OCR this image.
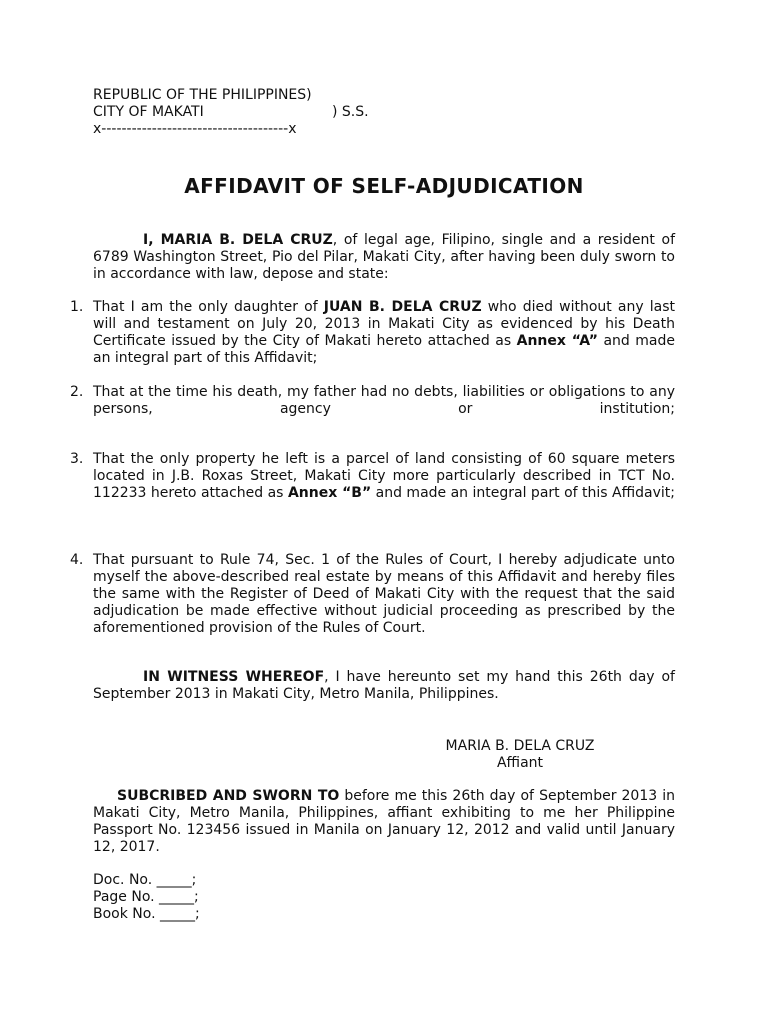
REPUBLIC OF THE PHILIPPINES)
CITY OF MAKATI	) S.S.
x-------------------------------------x
AFFIDAVIT OF SELF-ADJUDICATION
I, MARIA B. DELA CRUZ, of legal age, Filipino, single and a resident of 6789 Washington Street, Pio del Pilar, Makati City, after having been duly sworn to in accordance with law, depose and state:
1. That I am the only daughter of JUAN B. DELA CRUZ who died without any last will and testament on July 20, 2013 in Makati City as evidenced by his Death Certificate issued by the City of Makati hereto attached as Annex “A” and made an integral part of this Affidavit;
2. That at the time his death, my father had no debts, liabilities or obligations to any persons, agency or institution;
3. That the only property he left is a parcel of land consisting of 60 square meters located in J.B. Roxas Street, Makati City more particularly described in TCT No. 112233 hereto attached as Annex “B” and made an integral part of this Affidavit;
4. That pursuant to Rule 74, Sec. 1 of the Rules of Court, I hereby adjudicate unto myself the above-described real estate by means of this Affidavit and hereby files the same with the Register of Deed of Makati City with the request that the said adjudication be made effective without judicial proceeding as prescribed by the aforementioned provision of the Rules of Court.
IN WITNESS WHEREOF, I have hereunto set my hand this 26th day of September 2013 in Makati City, Metro Manila, Philippines.
MARIA B. DELA CRUZ
Affiant
SUBCRIBED AND SWORN TO before me this 26th day of September 2013 in Makati City, Metro Manila, Philippines, affiant exhibiting to me her Philippine Passport No. 123456 issued in Manila on January 12, 2012 and valid until January 12, 2017.
Doc. No. _____;
Page No. _____;
Book No. _____;
